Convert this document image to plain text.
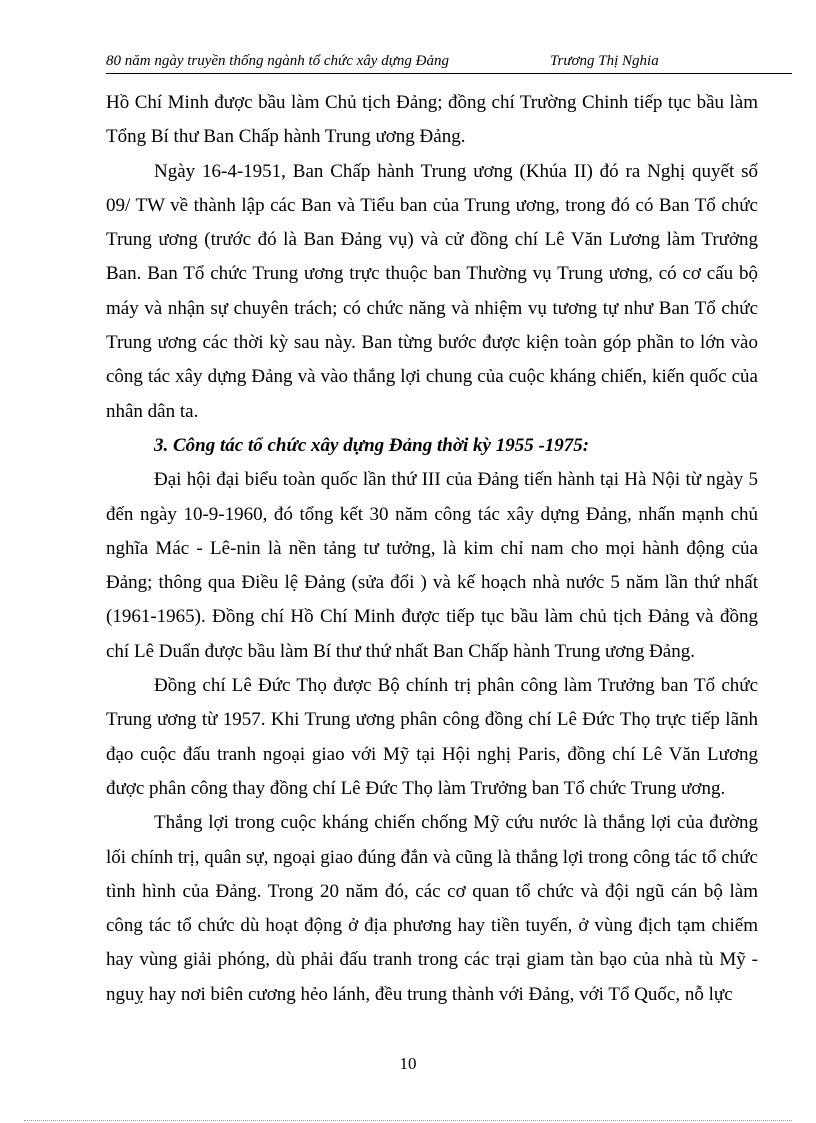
80 năm ngày truyền thống ngành tổ chức xây dựng Đảng	Trương Thị Nghia

Hồ Chí Minh được bầu làm Chủ tịch Đảng; đồng chí Trường Chinh tiếp tục bầu làm Tổng Bí thư Ban Chấp hành Trung ương Đảng.

Ngày 16-4-1951, Ban Chấp hành Trung ương (Khúa II) đó ra Nghị quyết số 09/ TW về thành lập các Ban và Tiểu ban của Trung ương, trong đó có Ban Tổ chức Trung ương (trước đó là Ban Đảng vụ) và cử đồng chí Lê Văn Lương làm Trưởng Ban. Ban Tổ chức Trung ương trực thuộc ban Thường vụ Trung ương, có cơ cấu bộ máy và nhận sự chuyên trách; có chức năng và nhiệm vụ tương tự như Ban Tổ chức Trung ương các thời kỳ sau này. Ban từng bước được kiện toàn góp phần to lớn vào công tác xây dựng Đảng và vào thắng lợi chung của cuộc kháng chiến, kiến quốc của nhân dân ta.

3. Công tác tổ chức xây dựng Đảng thời kỳ 1955 -1975:

Đại hội đại biểu toàn quốc lần thứ III của Đảng tiến hành tại Hà Nội từ ngày 5 đến ngày 10-9-1960, đó tổng kết 30 năm công tác xây dựng Đảng, nhấn mạnh chủ nghĩa Mác - Lê-nin là nền tảng tư tưởng, là kim chỉ nam cho mọi hành động của Đảng; thông qua Điều lệ Đảng (sửa đổi ) và kế hoạch nhà nước 5 năm lần thứ nhất (1961-1965). Đồng chí Hồ Chí Minh được tiếp tục bầu làm chủ tịch Đảng và đồng chí Lê Duẩn được bầu làm Bí thư thứ nhất Ban Chấp hành Trung ương Đảng.

Đồng chí Lê Đức Thọ được Bộ chính trị phân công làm Trưởng ban Tổ chức Trung ương từ 1957. Khi Trung ương phân công đồng chí Lê Đức Thọ trực tiếp lãnh đạo cuộc đấu tranh ngoại giao với Mỹ tại Hội nghị Paris, đồng chí Lê Văn Lương được phân công thay đồng chí Lê Đức Thọ làm Trưởng ban Tổ chức Trung ương.

Thắng lợi trong cuộc kháng chiến chống Mỹ cứu nước là thắng lợi của đường lối chính trị, quân sự, ngoại giao đúng đắn và cũng là thắng lợi trong công tác tổ chức tình hình của Đảng. Trong 20 năm đó, các cơ quan tổ chức và đội ngũ cán bộ làm công tác tổ chức dù hoạt động ở địa phương hay tiền tuyến, ở vùng địch tạm chiếm hay vùng giải phóng, dù phải đấu tranh trong các trại giam tàn bạo của nhà tù Mỹ - nguỵ hay nơi biên cương hẻo lánh, đều trung thành với Đảng, với Tổ Quốc, nỗ lực

10
